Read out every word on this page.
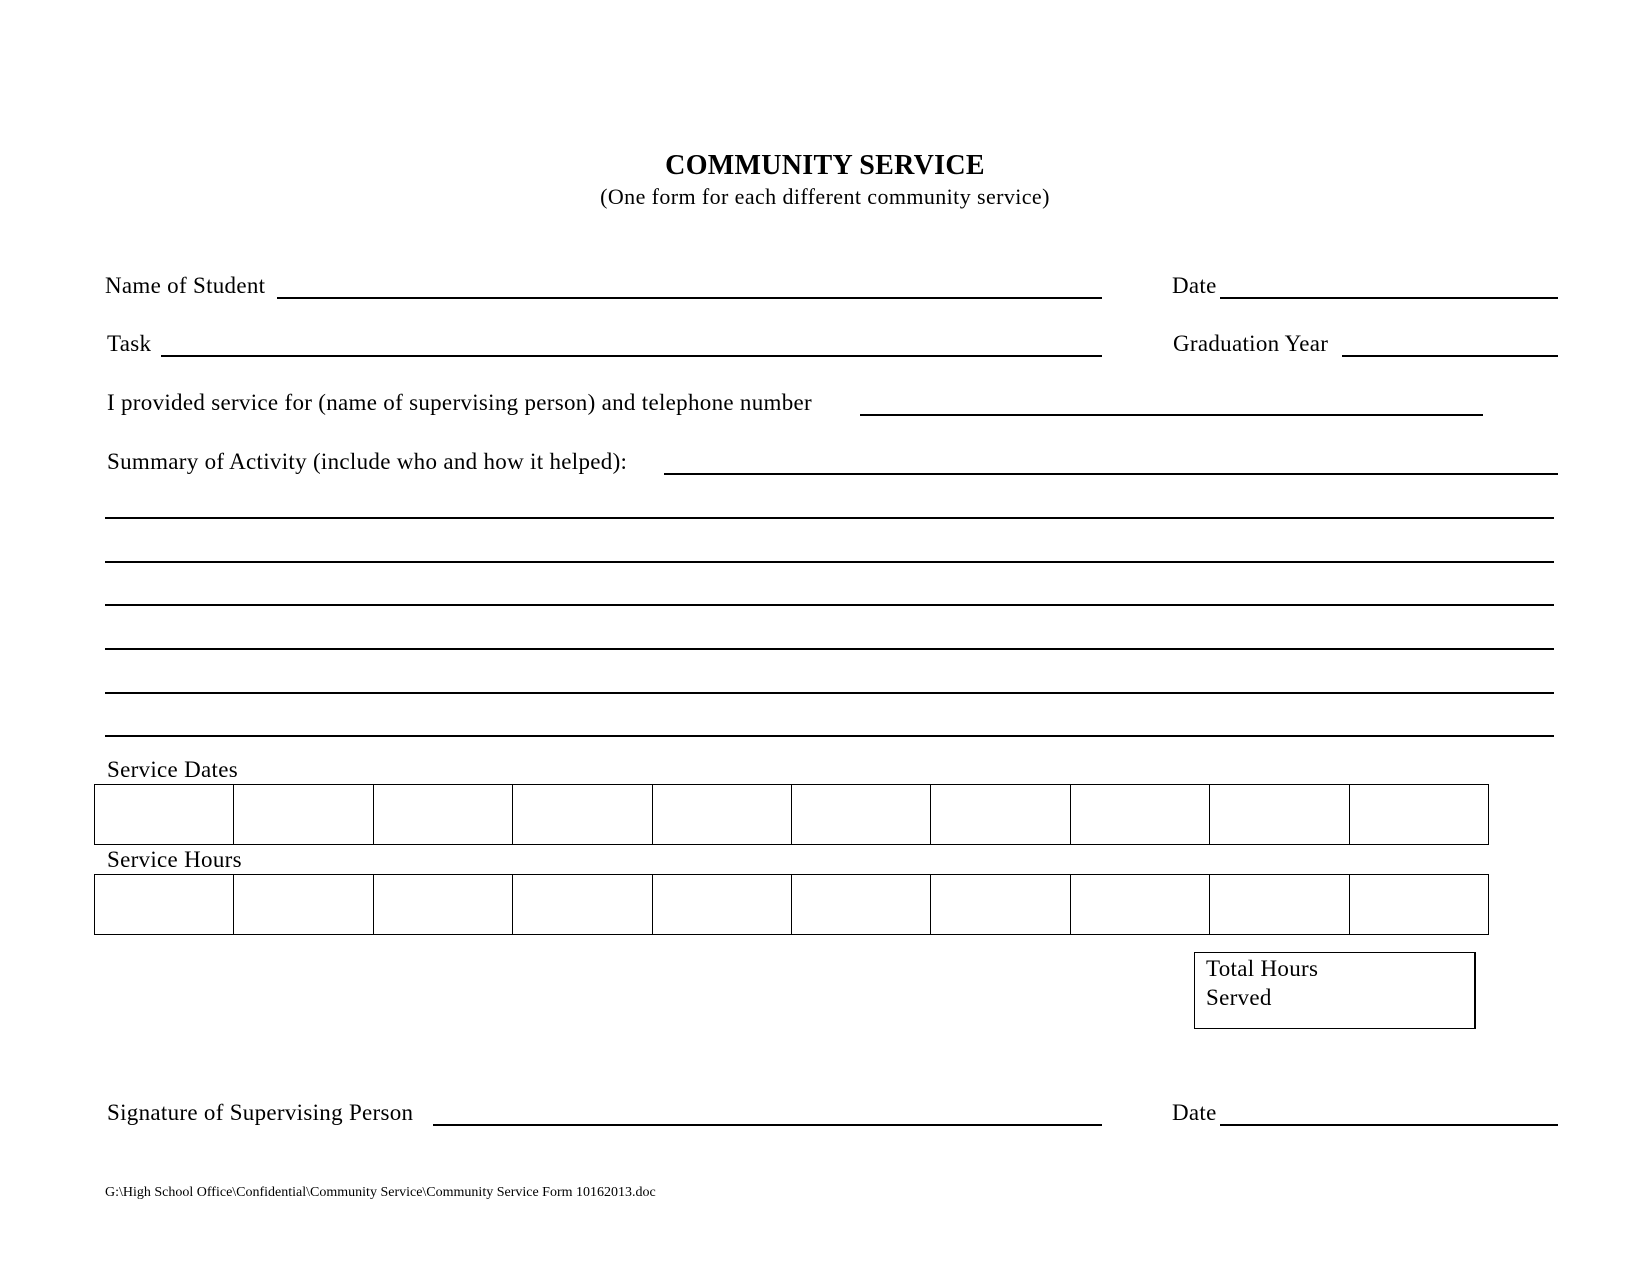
COMMUNITY SERVICE
(One form for each different community service)
Name of Student	Date
Task	Graduation Year
I provided service for (name of supervising person) and telephone number
Summary of Activity (include who and how it helped):
Service Dates

Service Hours

Total Hours
Served
Signature of Supervising Person	Date
G:\High School Office\Confidential\Community Service\Community Service Form 10162013.doc
